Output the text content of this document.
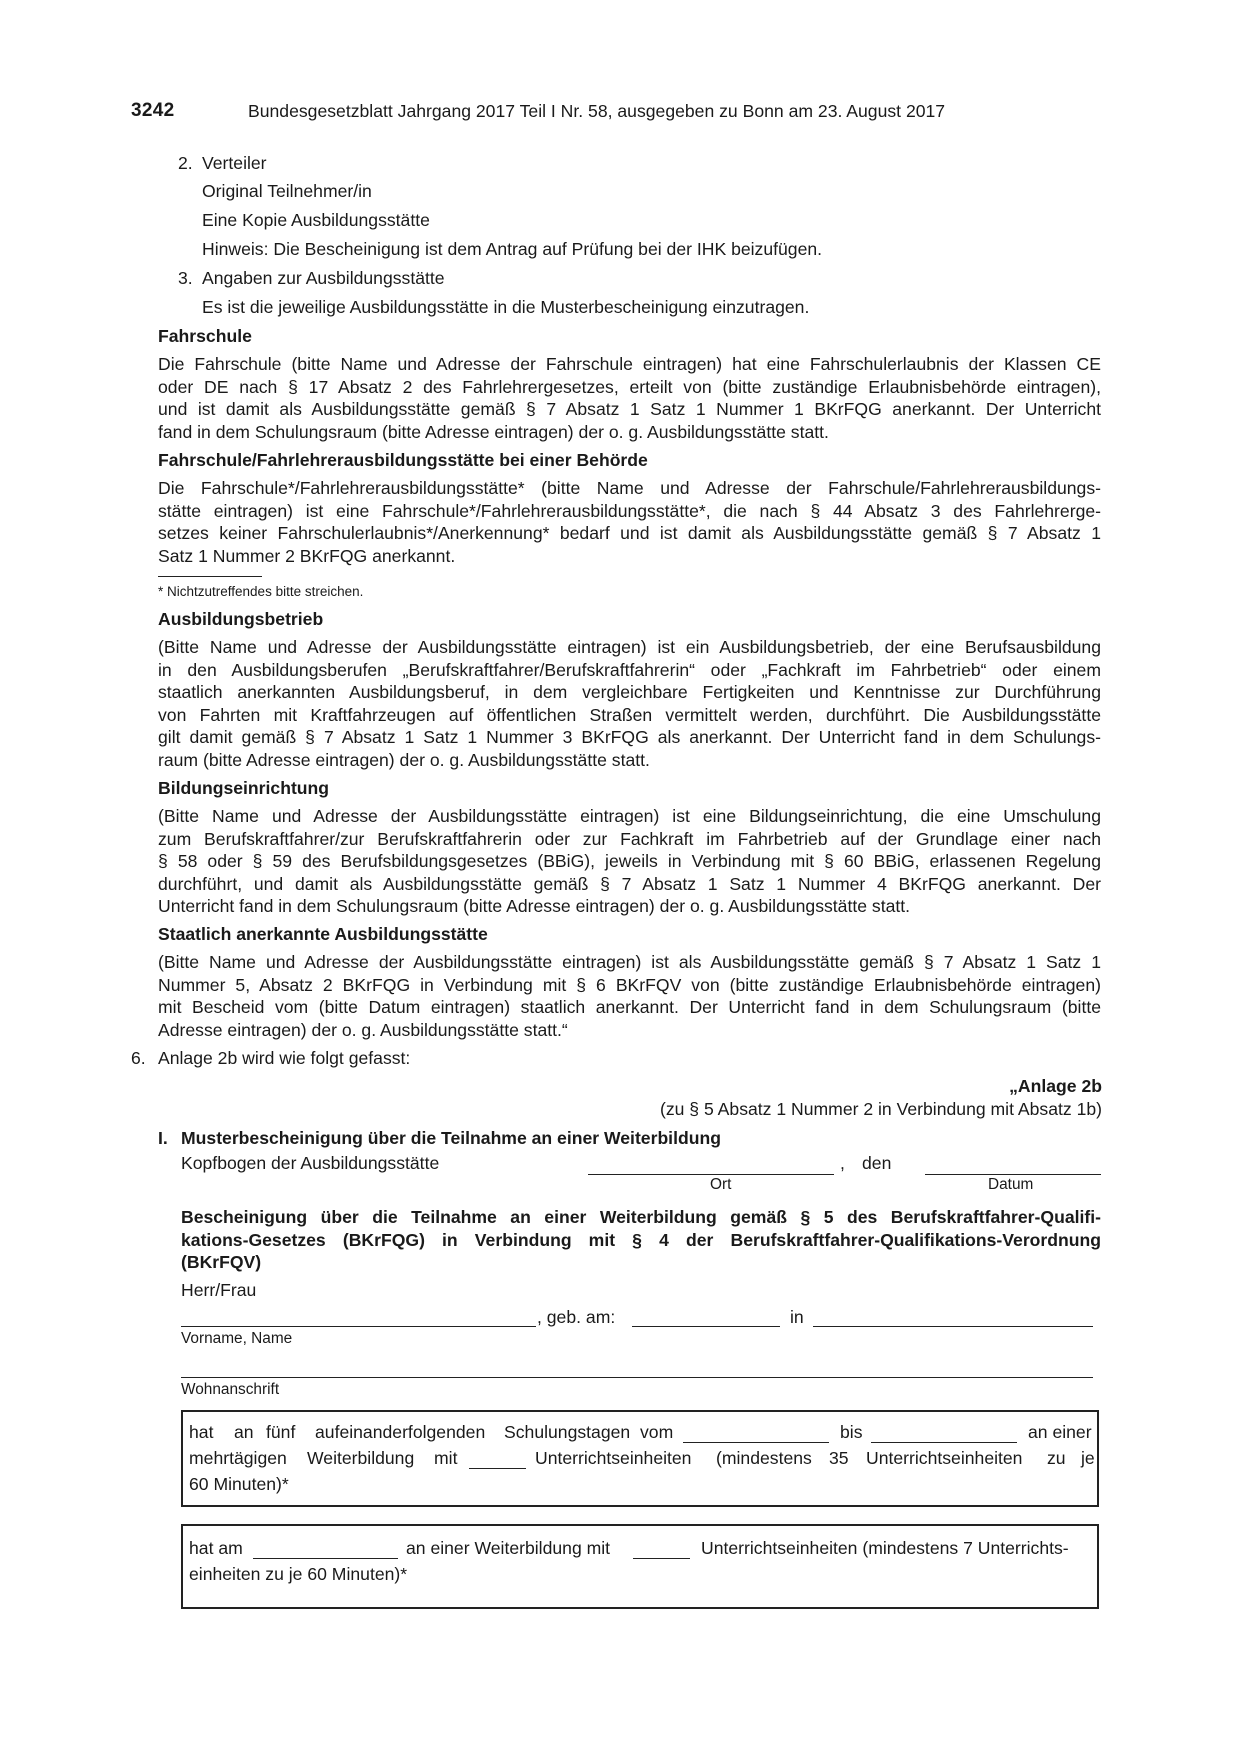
3242	Bundesgesetzblatt Jahrgang 2017 Teil I Nr. 58, ausgegeben zu Bonn am 23. August 2017
2. Verteiler
Original Teilnehmer/in
Eine Kopie Ausbildungsstätte
Hinweis: Die Bescheinigung ist dem Antrag auf Prüfung bei der IHK beizufügen.
3. Angaben zur Ausbildungsstätte
Es ist die jeweilige Ausbildungsstätte in die Musterbescheinigung einzutragen.
Fahrschule
Die Fahrschule (bitte Name und Adresse der Fahrschule eintragen) hat eine Fahrschulerlaubnis der Klassen CE
oder DE nach § 17 Absatz 2 des Fahrlehrergesetzes, erteilt von (bitte zuständige Erlaubnisbehörde eintragen),
und ist damit als Ausbildungsstätte gemäß § 7 Absatz 1 Satz 1 Nummer 1 BKrFQG anerkannt. Der Unterricht
fand in dem Schulungsraum (bitte Adresse eintragen) der o. g. Ausbildungsstätte statt.
Fahrschule/Fahrlehrerausbildungsstätte bei einer Behörde
Die Fahrschule*/Fahrlehrerausbildungsstätte* (bitte Name und Adresse der Fahrschule/Fahrlehrerausbildungs-
stätte eintragen) ist eine Fahrschule*/Fahrlehrerausbildungsstätte*, die nach § 44 Absatz 3 des Fahrlehrerge-
setzes keiner Fahrschulerlaubnis*/Anerkennung* bedarf und ist damit als Ausbildungsstätte gemäß § 7 Absatz 1
Satz 1 Nummer 2 BKrFQG anerkannt.
* Nichtzutreffendes bitte streichen.
Ausbildungsbetrieb
(Bitte Name und Adresse der Ausbildungsstätte eintragen) ist ein Ausbildungsbetrieb, der eine Berufsausbildung
in den Ausbildungsberufen „Berufskraftfahrer/Berufskraftfahrerin“ oder „Fachkraft im Fahrbetrieb“ oder einem
staatlich anerkannten Ausbildungsberuf, in dem vergleichbare Fertigkeiten und Kenntnisse zur Durchführung
von Fahrten mit Kraftfahrzeugen auf öffentlichen Straßen vermittelt werden, durchführt. Die Ausbildungsstätte
gilt damit gemäß § 7 Absatz 1 Satz 1 Nummer 3 BKrFQG als anerkannt. Der Unterricht fand in dem Schulungs-
raum (bitte Adresse eintragen) der o. g. Ausbildungsstätte statt.
Bildungseinrichtung
(Bitte Name und Adresse der Ausbildungsstätte eintragen) ist eine Bildungseinrichtung, die eine Umschulung
zum Berufskraftfahrer/zur Berufskraftfahrerin oder zur Fachkraft im Fahrbetrieb auf der Grundlage einer nach
§ 58 oder § 59 des Berufsbildungsgesetzes (BBiG), jeweils in Verbindung mit § 60 BBiG, erlassenen Regelung
durchführt, und damit als Ausbildungsstätte gemäß § 7 Absatz 1 Satz 1 Nummer 4 BKrFQG anerkannt. Der
Unterricht fand in dem Schulungsraum (bitte Adresse eintragen) der o. g. Ausbildungsstätte statt.
Staatlich anerkannte Ausbildungsstätte
(Bitte Name und Adresse der Ausbildungsstätte eintragen) ist als Ausbildungsstätte gemäß § 7 Absatz 1 Satz 1
Nummer 5, Absatz 2 BKrFQG in Verbindung mit § 6 BKrFQV von (bitte zuständige Erlaubnisbehörde eintragen)
mit Bescheid vom (bitte Datum eintragen) staatlich anerkannt. Der Unterricht fand in dem Schulungsraum (bitte
Adresse eintragen) der o. g. Ausbildungsstätte statt.“
6. Anlage 2b wird wie folgt gefasst:
„Anlage 2b
(zu § 5 Absatz 1 Nummer 2 in Verbindung mit Absatz 1b)
I. Musterbescheinigung über die Teilnahme an einer Weiterbildung
Kopfbogen der Ausbildungsstätte	, den
Ort	Datum
Bescheinigung über die Teilnahme an einer Weiterbildung gemäß § 5 des Berufskraftfahrer-Qualifi-
kations-Gesetzes (BKrFQG) in Verbindung mit § 4 der Berufskraftfahrer-Qualifikations-Verordnung
(BKrFQV)
Herr/Frau
, geb. am:	in
Vorname, Name
Wohnanschrift
hat an fünf aufeinanderfolgenden Schulungstagen vom	bis	an einer
mehrtägigen Weiterbildung mit	Unterrichtseinheiten (mindestens 35 Unterrichtseinheiten zu je
60 Minuten)*
hat am	an einer Weiterbildung mit	Unterrichtseinheiten (mindestens 7 Unterrichts-
einheiten zu je 60 Minuten)*
